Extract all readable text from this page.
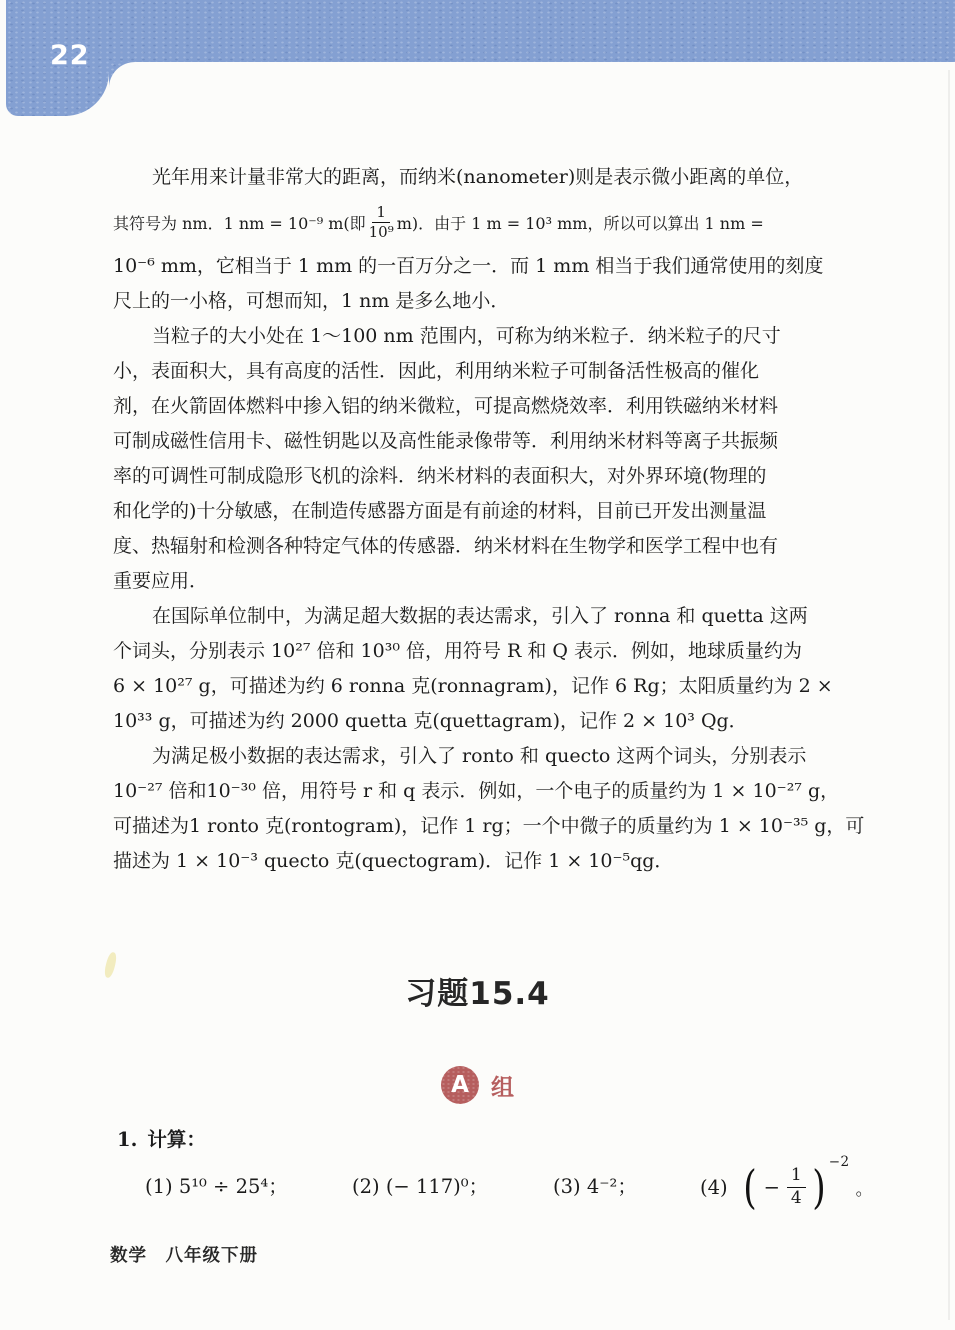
22
光年用来计量非常大的距离，而纳米(nanometer)则是表示微小距离的单位，
其符号为 nm．1 nm = 10⁻⁹ m(即 $\frac{1}{\text{10⁹}} m$)．由于 1 m = 10³ mm，所以可以算出 1 nm =
10⁻⁶ mm，它相当于 1 mm 的一百万分之一．而 1 mm 相当于我们通常使用的刻度
尺上的一小格，可想而知，1 nm 是多么地小．
当粒子的大小处在 1～100 nm 范围内，可称为纳米粒子．纳米粒子的尺寸
小，表面积大，具有高度的活性．因此，利用纳米粒子可制备活性极高的催化
剂，在火箭固体燃料中掺入铝的纳米微粒，可提高燃烧效率．利用铁磁纳米材料
可制成磁性信用卡、磁性钥匙以及高性能录像带等．利用纳米材料等离子共振频
率的可调性可制成隐形飞机的涂料．纳米材料的表面积大，对外界环境(物理的
和化学的)十分敏感，在制造传感器方面是有前途的材料，目前已开发出测量温
度、热辐射和检测各种特定气体的传感器．纳米材料在生物学和医学工程中也有
重要应用．
在国际单位制中，为满足超大数据的表达需求，引入了 ronna 和 quetta 这两
个词头，分别表示 10²⁷ 倍和 10³⁰ 倍，用符号 R 和 Q 表示．例如，地球质量约为
6 × 10²⁷ g，可描述为约 6 ronna 克(ronnagram)，记作 6 Rg；太阳质量约为 2 ×
10³³ g，可描述为约 2000 quetta 克(quettagram)，记作 2 × 10³ Qg．
为满足极小数据的表达需求，引入了 ronto 和 quecto 这两个词头，分别表示
10⁻²⁷ 倍和10⁻³⁰ 倍，用符号 r 和 q 表示．例如，一个电子的质量约为 1 × 10⁻²⁷ g，
可描述为1 ronto 克(rontogram)，记作 1 rg；一个中微子的质量约为 1 × 10⁻³⁵ g，可
描述为 1 × 10⁻³ quecto 克(quectogram)．记作 1 × 10⁻⁵qg．
习题15.4
A 组
1. 计算：
(1) 5¹⁰ ÷ 25⁴；	(2) (− 117)⁰；	(3) 4⁻²；	(4) ( − $\frac{1}{4}$ ) −2
。
数学　八年级下册
